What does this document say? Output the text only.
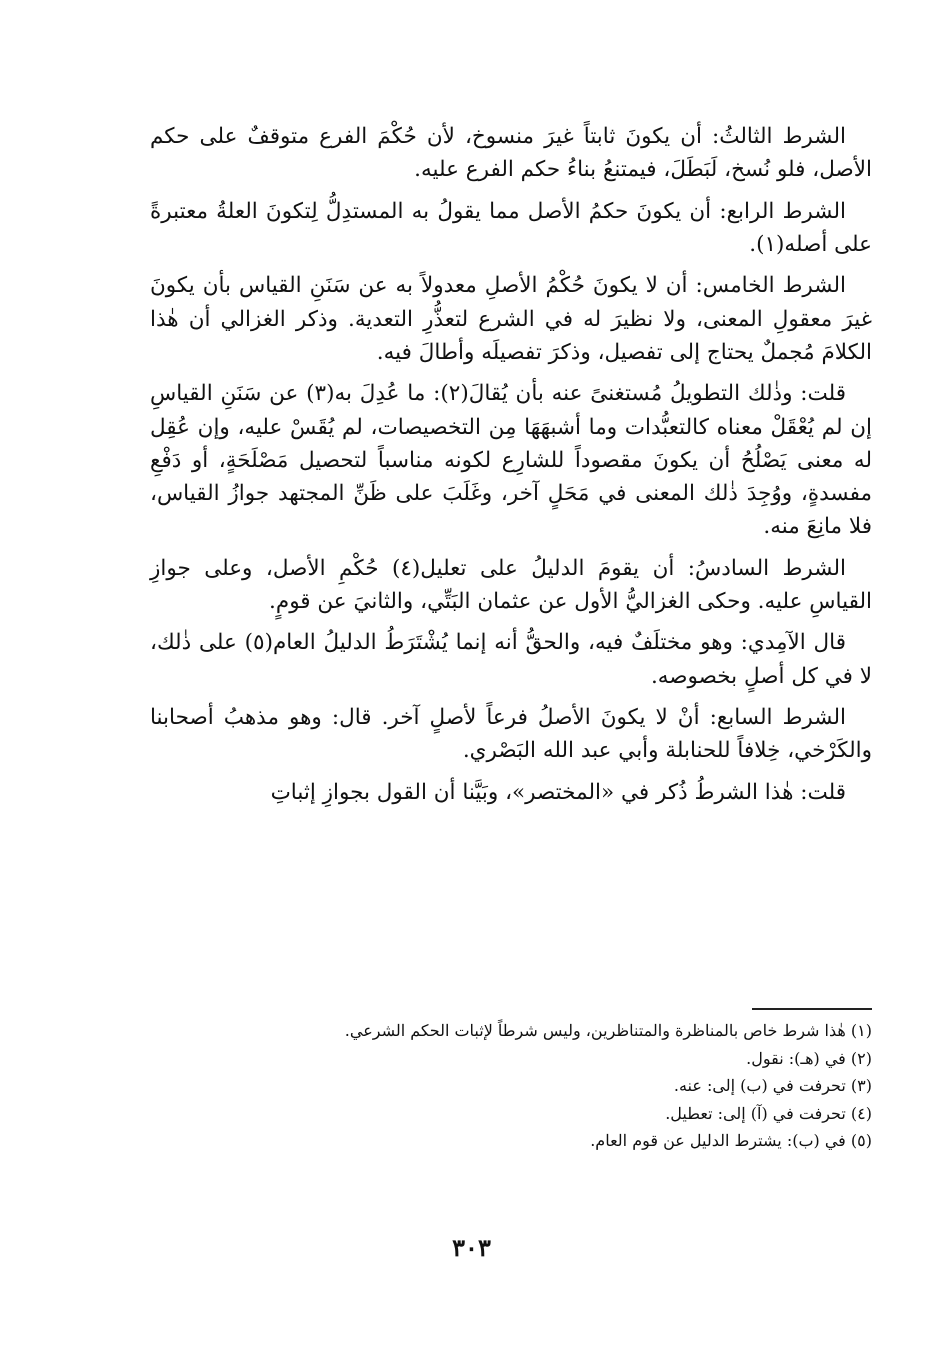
الشرط الثالثُ: أن يكونَ ثابتاً غيرَ منسوخ، لأن حُكْمَ الفرع متوقفٌ على حكم الأصل، فلو نُسخ، لَبَطَلَ، فيمتنعُ بناءُ حكم الفرع عليه.

الشرط الرابع: أن يكونَ حكمُ الأصل مما يقولُ به المستدِلُّ لِتكونَ العلةُ معتبرةً على أصله(١).

الشرط الخامس: أن لا يكونَ حُكْمُ الأصلِ معدولاً به عن سَنَنِ القياس بأن يكونَ غيرَ معقولِ المعنى، ولا نظيرَ له في الشرع لتعذُّرِ التعدية. وذكر الغزالي أن هٰذا الكلامَ مُجملٌ يحتاج إلى تفصيل، وذكرَ تفصيلَه وأطالَ فيه.

قلت: وذٰلك التطويلُ مُستغنىً عنه بأن يُقالَ(٢): ما عُدِلَ به(٣) عن سَنَنِ القياسِ إن لم يُعْقَلْ معناه كالتعبُّدات وما أشبهَهَا مِن التخصيصات، لم يُقَسْ عليه، وإن عُقِل له معنى يَصْلُحُ أن يكونَ مقصوداً للشارِع لكونه مناسباً لتحصيل مَصْلَحَةٍ، أو دَفْعِ مفسدةٍ، ووُجِدَ ذٰلك المعنى في مَحَلٍ آخر، وغَلَبَ على ظَنِّ المجتهد جوازُ القياس، فلا مانِعَ منه.

الشرط السادسُ: أن يقومَ الدليلُ على تعليل(٤) حُكْمِ الأصل، وعلى جوازِ القياسِ عليه. وحكى الغزاليُّ الأول عن عثمان البَتِّي، والثانيَ عن قومٍ.

قال الآمِدي: وهو مختلَفٌ فيه، والحقُّ أنه إنما يُشْتَرَطُ الدليلُ العام(٥) على ذٰلك، لا في كل أصلٍ بخصوصه.

الشرط السابع: أنْ لا يكونَ الأصلُ فرعاً لأصلٍ آخر. قال: وهو مذهبُ أصحابنا والكَرْخي، خِلافاً للحنابلة وأبي عبد الله البَصْري.

قلت: هٰذا الشرطُ ذُكر في «المختصر»، وبَيَّنا أن القول بجوازِ إثباتِ

(١) هٰذا شرط خاص بالمناظرة والمتناظرين، وليس شرطاً لإثبات الحكم الشرعي.
(٢) في (هـ): نقول.
(٣) تحرفت في (ب) إلى: عنه.
(٤) تحرفت في (آ) إلى: تعطيل.
(٥) في (ب): يشترط الدليل عن قوم العام.
٣٠٣
